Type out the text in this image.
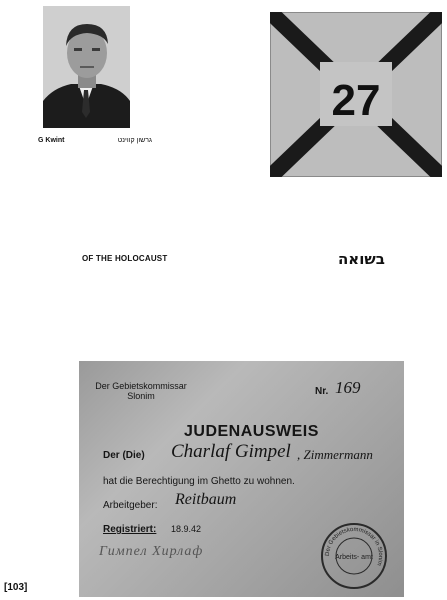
G Kwint	גרשון קווינט
27
OF THE HOLOCAUST	בשואה
Der Gebietskommissar
Slonim	Nr. 169
JUDENAUSWEIS
Der (Die) Charlaf Gimpel , Zimmermann
hat die Berechtigung im Ghetto zu wohnen.
Arbeitgeber: Reitbaum
Registriert: 18.9.42
Гимпел Хирлаф	Der Gebietskommissar in Slonim
Arbeits- amt
[103]
